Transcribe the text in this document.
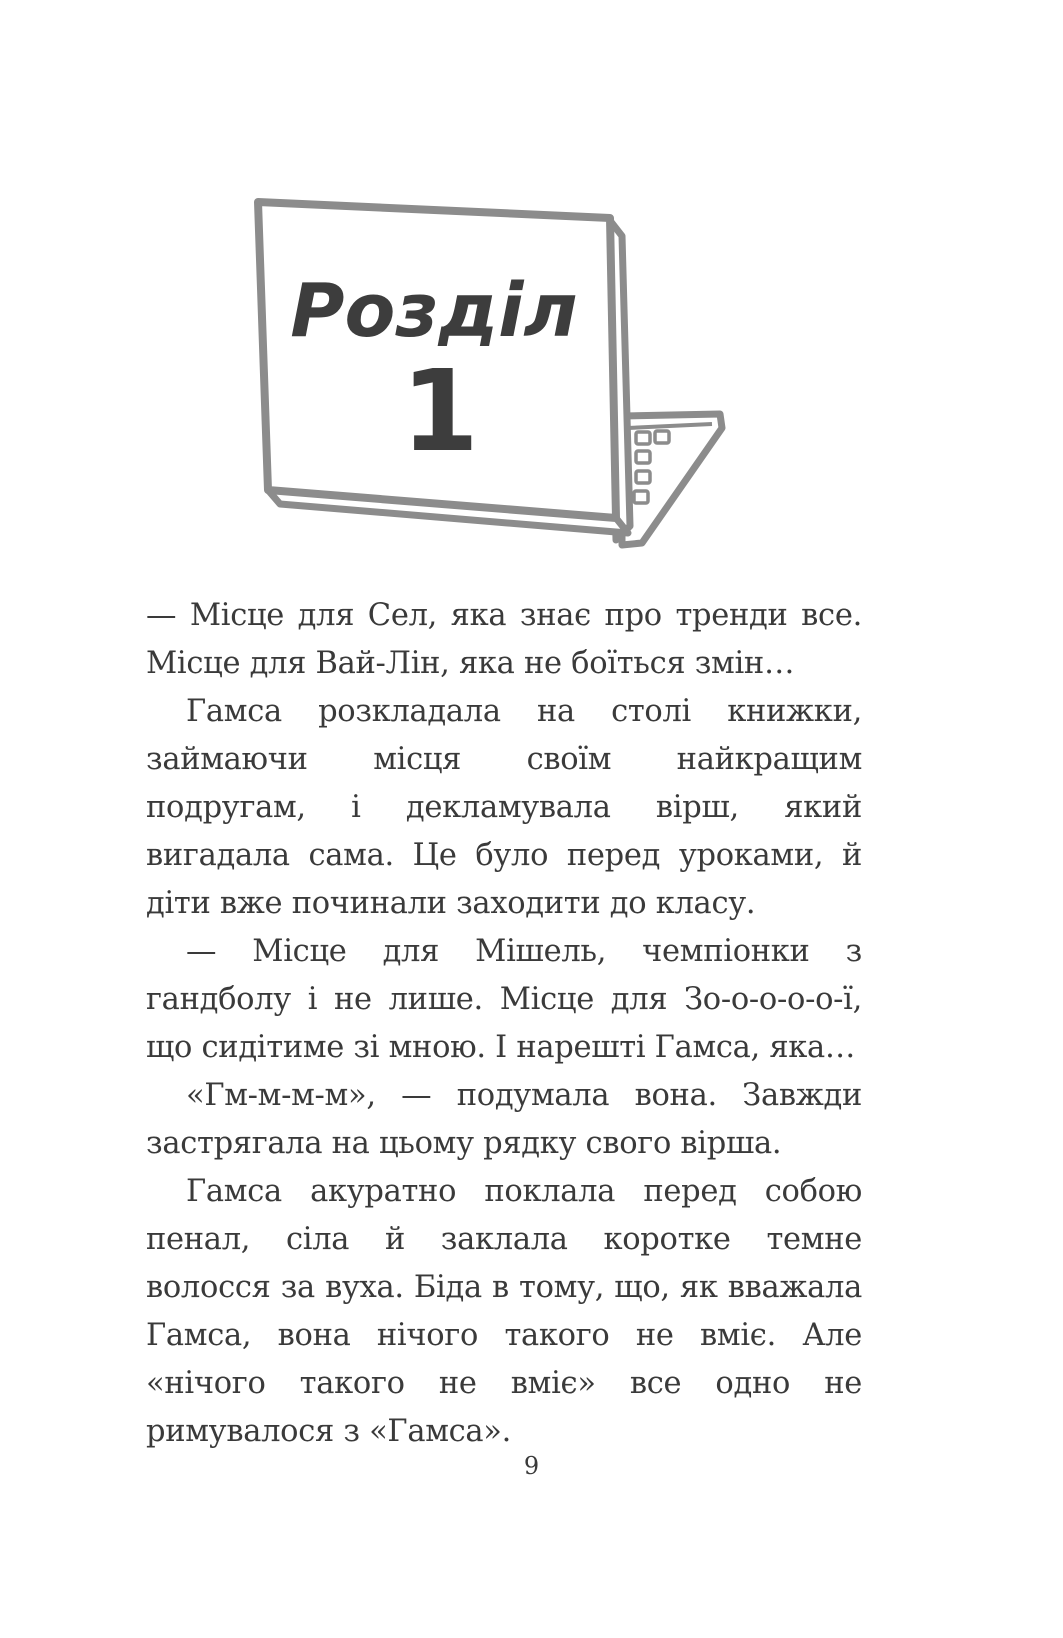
Розділ
1

— Місце для Сел, яка знає про тренди все. Місце для Вай-Лін, яка не боїться змін…

Гамса розкладала на столі книжки, займаючи місця своїм найкращим подругам, і декламувала вірш, який вигадала сама. Це було перед уроками, й діти вже починали заходити до класу.

— Місце для Мішель, чемпіонки з гандболу і не лише. Місце для Зо-о-о-о-о-ї, що сидітиме зі мною. І нарешті Гамса, яка…

«Гм-м-м-м», — подумала вона. Завжди застрягала на цьому рядку свого вірша.

Гамса акуратно поклала перед собою пенал, сіла й заклала коротке темне волосся за вуха. Біда в тому, що, як вважала Гамса, вона нічого такого не вміє. Але «нічого такого не вміє» все одно не римувалося з «Гамса».

9
